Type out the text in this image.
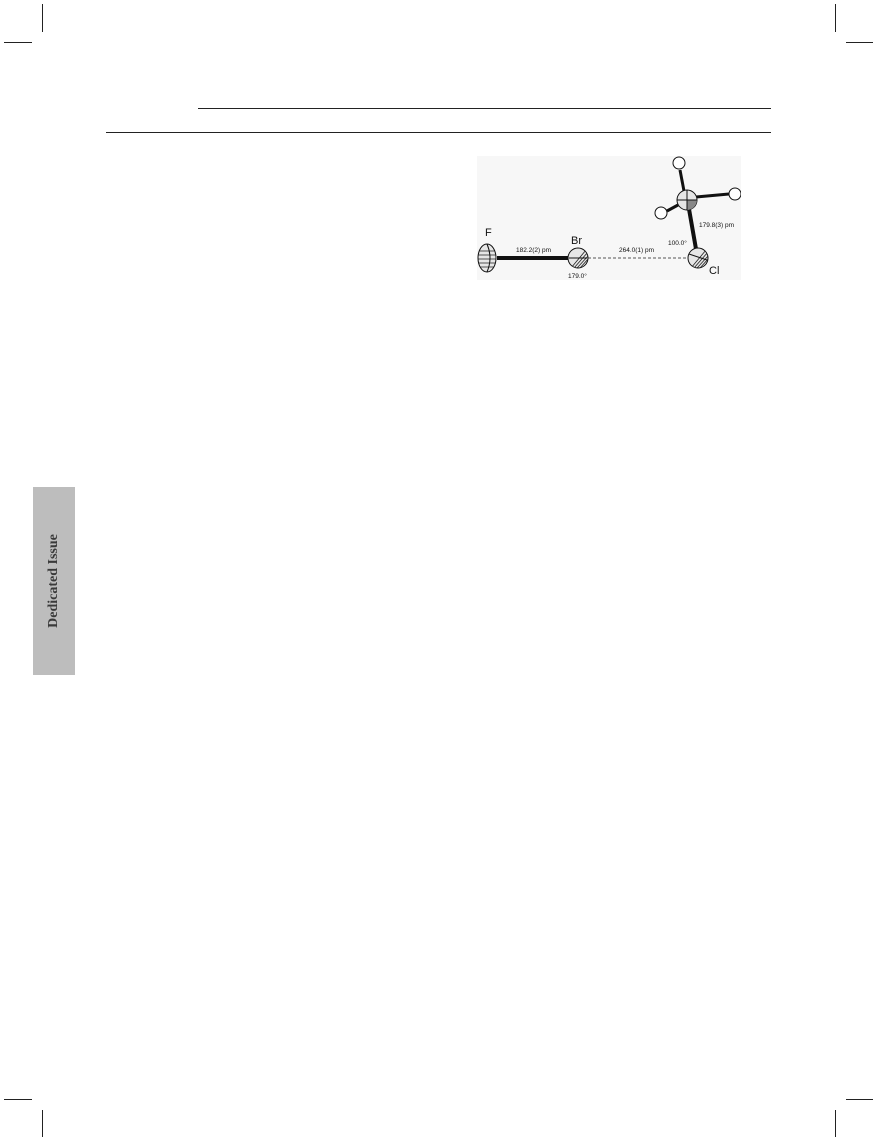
Dedicated Issue
F
Br
Cl
182.2(2) pm	264.0(1) pm
179.8(3) pm
179.0°
100.0°
